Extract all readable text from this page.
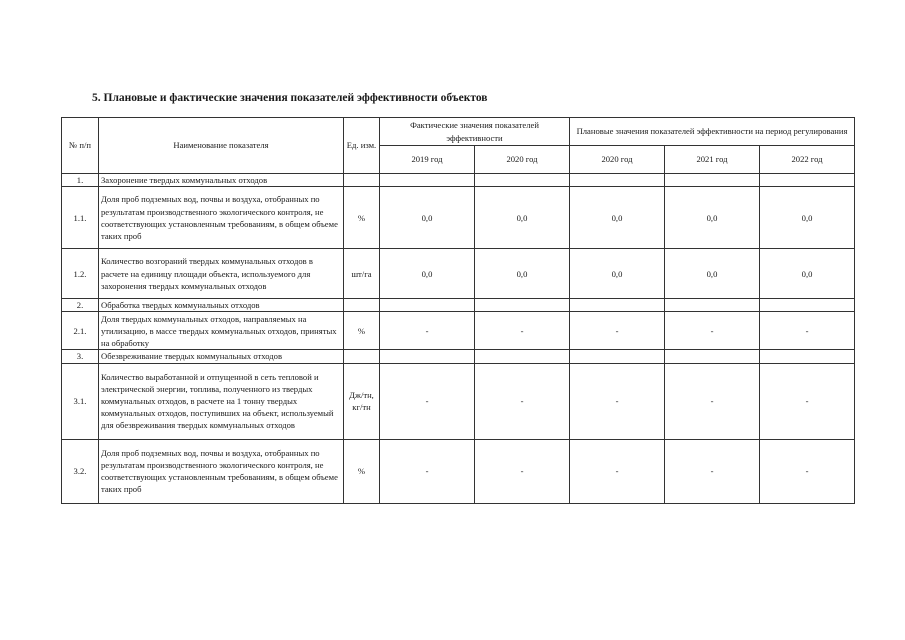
5. Плановые и фактические значения показателей эффективности объектов
№ п/п	Наименование показателя	Ед. изм.	Фактические значения показателей эффективности		Плановые значения показателей эффективности на период регулирования		
			2019 год	2020 год	2020 год	2021 год	2022 год
1.	Захоронение твердых коммунальных отходов						
1.1.	Доля проб подземных вод, почвы и воздуха, отобранных по результатам производственного экологического контроля, не соответствующих установленным требованиям, в общем объеме таких проб	%	0,0	0,0	0,0	0,0	0,0
1.2.	Количество возгораний твердых коммунальных отходов в расчете на единицу площади объекта, используемого для захоронения твердых коммунальных отходов	шт/га	0,0	0,0	0,0	0,0	0,0
2.	Обработка твердых коммунальных отходов						
2.1.	Доля твердых коммунальных отходов, направляемых на утилизацию, в массе твердых коммунальных отходов, принятых на обработку	%	-	-	-	-	-
3.	Обезвреживание твердых коммунальных отходов						
3.1.	Количество выработанной и отпущенной в сеть тепловой и электрической энергии, топлива, полученного из твердых коммунальных отходов, в расчете на 1 тонну твердых коммунальных отходов, поступивших на объект, используемый для обезвреживания твердых коммунальных отходов	Дж/тн, кг/тн	-	-	-	-	-
3.2.	Доля проб подземных вод, почвы и воздуха, отобранных по результатам производственного экологического контроля, не соответствующих установленным требованиям, в общем объеме таких проб	%	-	-	-	-	-
